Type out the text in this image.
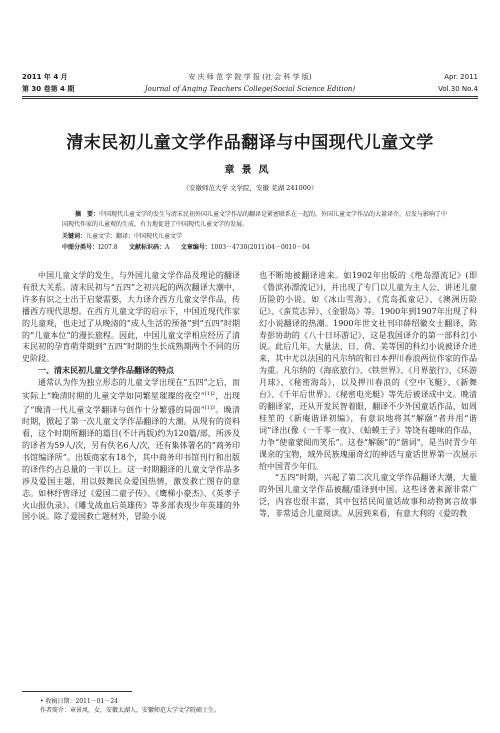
2011 年 4 月	安 庆 师 范 学 院 学 报 (社 会 科 学 版)	Apr. 2011
第 30 卷第 4 期	Journal of Anqing Teachers College(Social Science Edition)	Vol.30 No.4
清末民初儿童文学作品翻译与中国现代儿童文学
章景凤
（安徽师范大学 文学院，安徽 芜湖 241000）
摘　要：中国现代儿童文学的发生与清末民初外国儿童文学作品的翻译是紧密联系在一起的。外国儿童文学作品的大量译介，启发与影响了中国现代作家的儿童观的生成，有力地促进了中国现代儿童文学的发展。
关键词：儿童文学；翻译；中国现代儿童文学
中图分类号：I207.8 文献标识码：A 文章编号：1003－4730(2011)04－0010－04

中国儿童文学的发生，与外国儿童文学作品及理论的翻译有很大关系。清末民初与“五四”之初兴起的两次翻译大潮中，许多有识之士出于启蒙需要，大力译介西方儿童文学作品，传播西方现代思想。在西方儿童文学的启示下，中国近现代作家的儿童观，也走过了从晚清的“成人生活的预备”到“五四”时期的“儿童本位”的漫长旅程。因此，中国儿童文学相应经历了清末民初的孕育萌芽期到“五四”时期的生长成熟期两个不同的历史阶段。

一、清末民初儿童文学作品翻译的特点

通常认为作为独立形态的儿童文学出现在“五四”之后，而实际上“晚清时期的儿童文学如同繁星璀璨的夜空”$^{[1]2}$，出现了“晚清一代儿童文学翻译与创作十分繁盛的局面”$^{[1]3}$。晚清时期，掀起了第一次儿童文学作品翻译的大潮。从现有的资料看，这个时期所翻译的篇目(不计再版)约为120篇/部，所涉及的译者为59人/次，另有佚名6人/次，还有集体署名的“商务印书馆编译所”。出版商家有18个，其中商务印书馆刊行和出版的译作约占总量的一半以上。这一时期翻译的儿童文学作品多涉及爱国主题，用以鼓舞民众爱国热情，激发救亡图存的意志。如林纾曾译过《爱国二童子传》、《鹰梯小豪杰》、《英孝子火山报仇录》、《雕戈战血后英雄传》等多部表现少年英雄的外国小说。除了爱国救亡题材外，冒险小说

也不断地被翻译进来。如1902年出版的《绝岛漂流记》(即《鲁滨孙漂流记》)，并出现了专门以儿童为主人公、讲述儿童历险的小说。如《冰山雪海》、《荒岛孤童记》、《澳洲历险记》、《蛮荒志异》、《金银岛》等。1900年到1907年出现了科幻小说翻译的热潮。1900年世文社刊印薛绍徽女士翻译，陈寿彭协助的《八十日环游记》，这是我国译介的第一部科幻小说。此后几年，大量法、日、荷、美等国的科幻小说被译介进来，其中尤以法国的凡尔纳的和日本押川春浪两位作家的作品为重。凡尔纳的《海底旅行》、《铁世界》、《月界旅行》、《环游月球》、《秘密海岛》，以及押川春浪的《空中飞艇》、《新舞台》、《千年后世界》、《秘密电光艇》等先后被译成中文。晚清的翻译家，还从开发民智着眼，翻译不少外国童话作品，如周桂笙的《新庵谐译初编》，有意识地将其“解颐”者并用“谐词”译出(像《一千零一夜》、《蛤蟆王子》等饶有趣味的作品，力争“使童蒙阅而笑乐”。这卷“解颐”的“谐词”，是当时青少年课余的宝物，域外民族瑰丽奇幻的神话与童话世界第一次展示给中国青少年们。

“五四”时期，兴起了第二次儿童文学作品翻译大潮，大量的外国儿童文学作品被翻/重译到中国。这些译著来源非常广泛，内容也很丰富，其中包括民间童话故事和动物寓言故事等，非常适合儿童阅读。从因到来看，有意大利的《爱的教

• 收稿日期：2011－01－24
作者简介：章景凤，女，安徽太湖人，安徽师范大学文学院硕士生。
